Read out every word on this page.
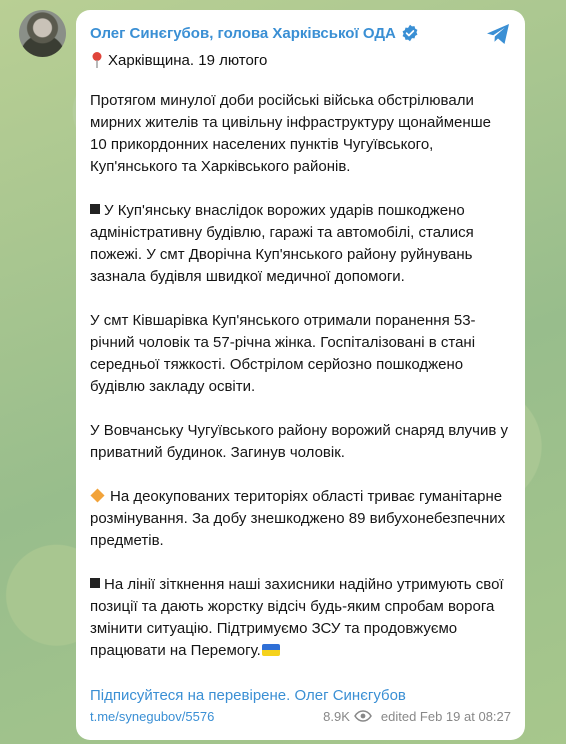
Олег Синєгубов, голова Харківської ОДА
Харківщина. 19 лютого

Протягом минулої доби російські війська обстрілювали мирних жителів та цивільну інфраструктуру щонайменше 10 прикордонних населених пунктів Чугуївського, Куп'янського та Харківського районів.

У Куп'янську внаслідок ворожих ударів пошкоджено адміністративну будівлю, гаражі та автомобілі, сталися пожежі. У смт Дворічна Куп'янського району руйнувань зазнала будівля швидкої медичної допомоги.

У смт Ківшарівка Куп'янського отримали поранення 53-річний чоловік та 57-річна жінка. Госпіталізовані в стані середньої тяжкості. Обстрілом серйозно пошкоджено будівлю закладу освіти.

У Вовчанську Чугуївського району ворожий снаряд влучив у приватний будинок. Загинув чоловік.

На деокупованих територіях області триває гуманітарне розмінування. За добу знешкоджено 89 вибухонебезпечних предметів.

На лінії зіткнення наші захисники надійно утримують свої позиції та дають жорстку відсіч будь-яким спробам ворога змінити ситуацію. Підтримуємо ЗСУ та продовжуємо працювати на Перемогу.

Підписуйтеся на перевірене. Олег Синєгубов

t.me/synegubov/5576	8.9K edited Feb 19 at 08:27
